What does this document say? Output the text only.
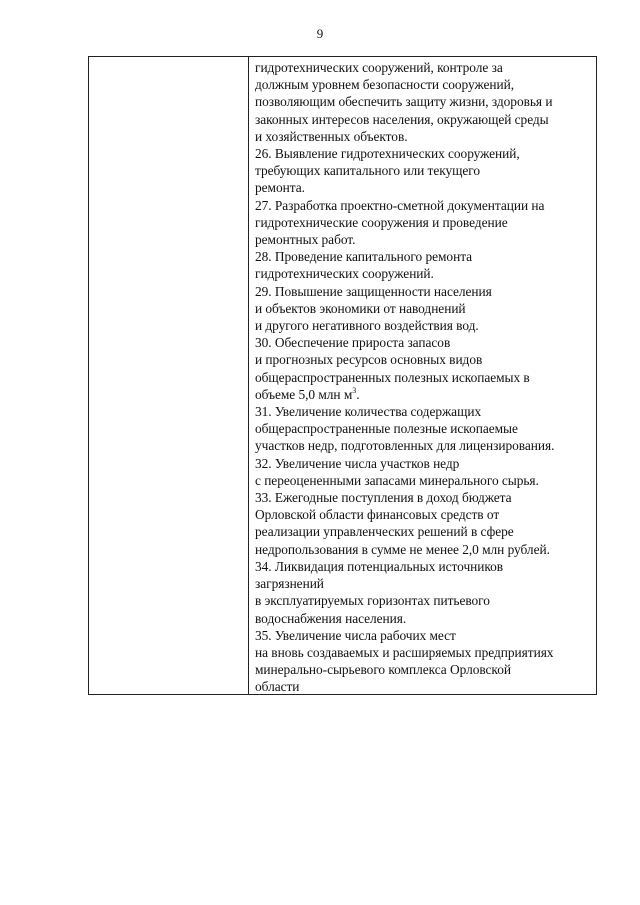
9
гидротехнических сооружений, контроле за
должным уровнем безопасности сооружений,
позволяющим обеспечить защиту жизни, здоровья и
законных интересов населения, окружающей среды
и хозяйственных объектов.
26. Выявление гидротехнических сооружений,
требующих капитального или текущего
ремонта.
27. Разработка проектно-сметной документации на
гидротехнические сооружения и проведение
ремонтных работ.
28. Проведение капитального ремонта
гидротехнических сооружений.
29. Повышение защищенности населения
и объектов экономики от наводнений
и другого негативного воздействия вод.
30. Обеспечение прироста запасов
и прогнозных ресурсов основных видов
общераспространенных полезных ископаемых в
объеме 5,0 млн $м^3$.
31. Увеличение количества содержащих
общераспространенные полезные ископаемые
участков недр, подготовленных для лицензирования.
32. Увеличение числа участков недр
с переоцененными запасами минерального сырья.
33. Ежегодные поступления в доход бюджета
Орловской области финансовых средств от
реализации управленческих решений в сфере
недропользования в сумме не менее 2,0 млн рублей.
34. Ликвидация потенциальных источников
загрязнений
в эксплуатируемых горизонтах питьевого
водоснабжения населения.
35. Увеличение числа рабочих мест
на вновь создаваемых и расширяемых предприятиях
минерально-сырьевого комплекса Орловской
области
